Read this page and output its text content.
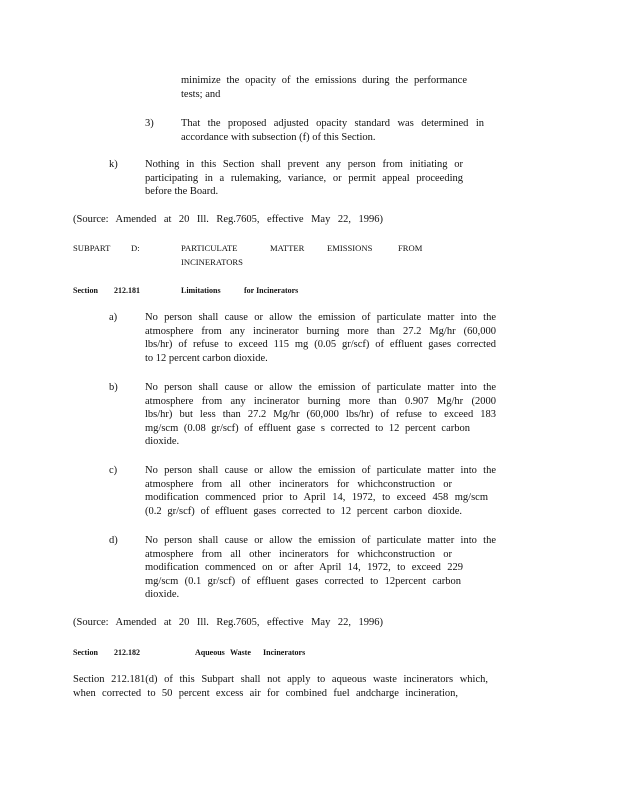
minimize the opacity of the emissions during the performance
tests; and
3)	That the proposed adjusted opacity standard was determined in
accordance with subsection (f) of this Section.
k)	Nothing in this Section shall prevent any person from initiating or
participating in a rulemaking, variance, or permit appeal proceeding
before the Board.
(Source: Amended at 20 Ill. Reg.7605, effective May 22, 1996)
SUBPART D:	PARTICULATE	MATTER	EMISSIONS	FROM
INCINERATORS
Section 212.181	Limitations	for Incinerators
a)	No person shall cause or allow the emission of particulate matter into the
atmosphere from any incinerator burning more than 27.2 Mg/hr (60,000
lbs/hr) of refuse to exceed 115 mg (0.05 gr/scf) of effluent gases corrected
to 12 percent carbon dioxide.
b)	No person shall cause or allow the emission of particulate matter into the
atmosphere from any incinerator burning more than 0.907 Mg/hr (2000
lbs/hr) but less than 27.2 Mg/hr (60,000 lbs/hr) of refuse to exceed 183
mg/scm (0.08 gr/scf) of effluent gase s corrected to 12 percent carbon
dioxide.
c)	No person shall cause or allow the emission of particulate matter into the
atmosphere from all other incinerators for whichconstruction or
modification commenced prior to April 14, 1972, to exceed 458 mg/scm
(0.2 gr/scf) of effluent gases corrected to 12 percent carbon dioxide.
d)	No person shall cause or allow the emission of particulate matter into the
atmosphere from all other incinerators for whichconstruction or
modification commenced on or after April 14, 1972, to exceed 229
mg/scm (0.1 gr/scf) of effluent gases corrected to 12percent carbon
dioxide.
(Source: Amended at 20 Ill. Reg.7605, effective May 22, 1996)
Section 212.182	Aqueous Waste Incinerators
Section 212.181(d) of this Subpart shall not apply to aqueous waste incinerators which,
when corrected to 50 percent excess air for combined fuel andcharge incineration,
